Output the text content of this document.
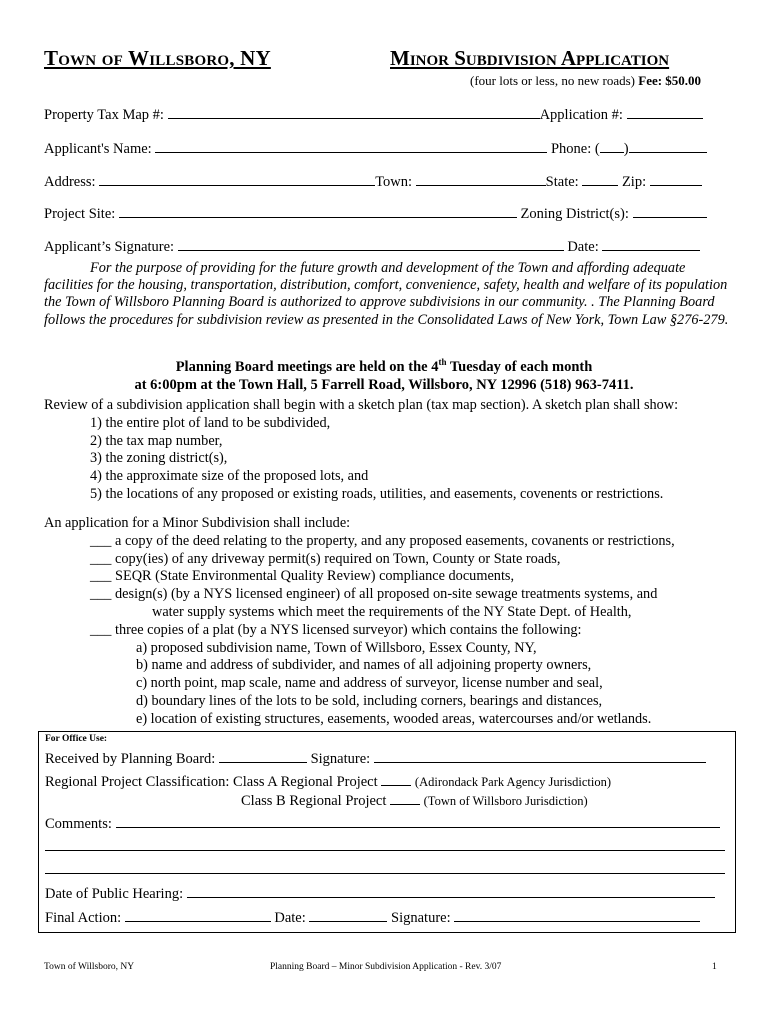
Town of Willsboro, NY	Minor Subdivision Application
(four lots or less, no new roads) Fee: $50.00
Property Tax Map #:	Application #:
Applicant's Name:	Phone: ( )
Address:	Town:	State:	Zip:
Project Site:	Zoning District(s):
Applicant’s Signature:	Date:

For the purpose of providing for the future growth and development of the Town and affording adequate facilities for the housing, transportation, distribution, comfort, convenience, safety, health and welfare of its population the Town of Willsboro Planning Board is authorized to approve subdivisions in our community. . The Planning Board follows the procedures for subdivision review as presented in the Consolidated Laws of New York, Town Law §276-279.

Planning Board meetings are held on the 4th Tuesday of each month
at 6:00pm at the Town Hall, 5 Farrell Road, Willsboro, NY 12996 (518) 963-7411.
Review of a subdivision application shall begin with a sketch plan (tax map section). A sketch plan shall show:
1) the entire plot of land to be subdivided,
2) the tax map number,
3) the zoning district(s),
4) the approximate size of the proposed lots, and
5) the locations of any proposed or existing roads, utilities, and easements, covenents or restrictions.
An application for a Minor Subdivision shall include:
___ a copy of the deed relating to the property, and any proposed easements, covanents or restrictions,
___ copy(ies) of any driveway permit(s) required on Town, County or State roads,
___ SEQR (State Environmental Quality Review) compliance documents,
___ design(s) (by a NYS licensed engineer) of all proposed on-site sewage treatments systems, and
water supply systems which meet the requirements of the NY State Dept. of Health,
___ three copies of a plat (by a NYS licensed surveyor) which contains the following:
a) proposed subdivision name, Town of Willsboro, Essex County, NY,
b) name and address of subdivider, and names of all adjoining property owners,
c) north point, map scale, name and address of surveyor, license number and seal,
d) boundary lines of the lots to be sold, including corners, bearings and distances,
e) location of existing structures, easements, wooded areas, watercourses and/or wetlands.
For Office Use:
Received by Planning Board:	Signature:
Regional Project Classification: Class A Regional Project	(Adirondack Park Agency Jurisdiction)
Class B Regional Project	(Town of Willsboro Jurisdiction)
Comments:
Date of Public Hearing:
Final Action:	Date:	Signature:
Town of Willsboro, NY	Planning Board – Minor Subdivision Application - Rev. 3/07	1
